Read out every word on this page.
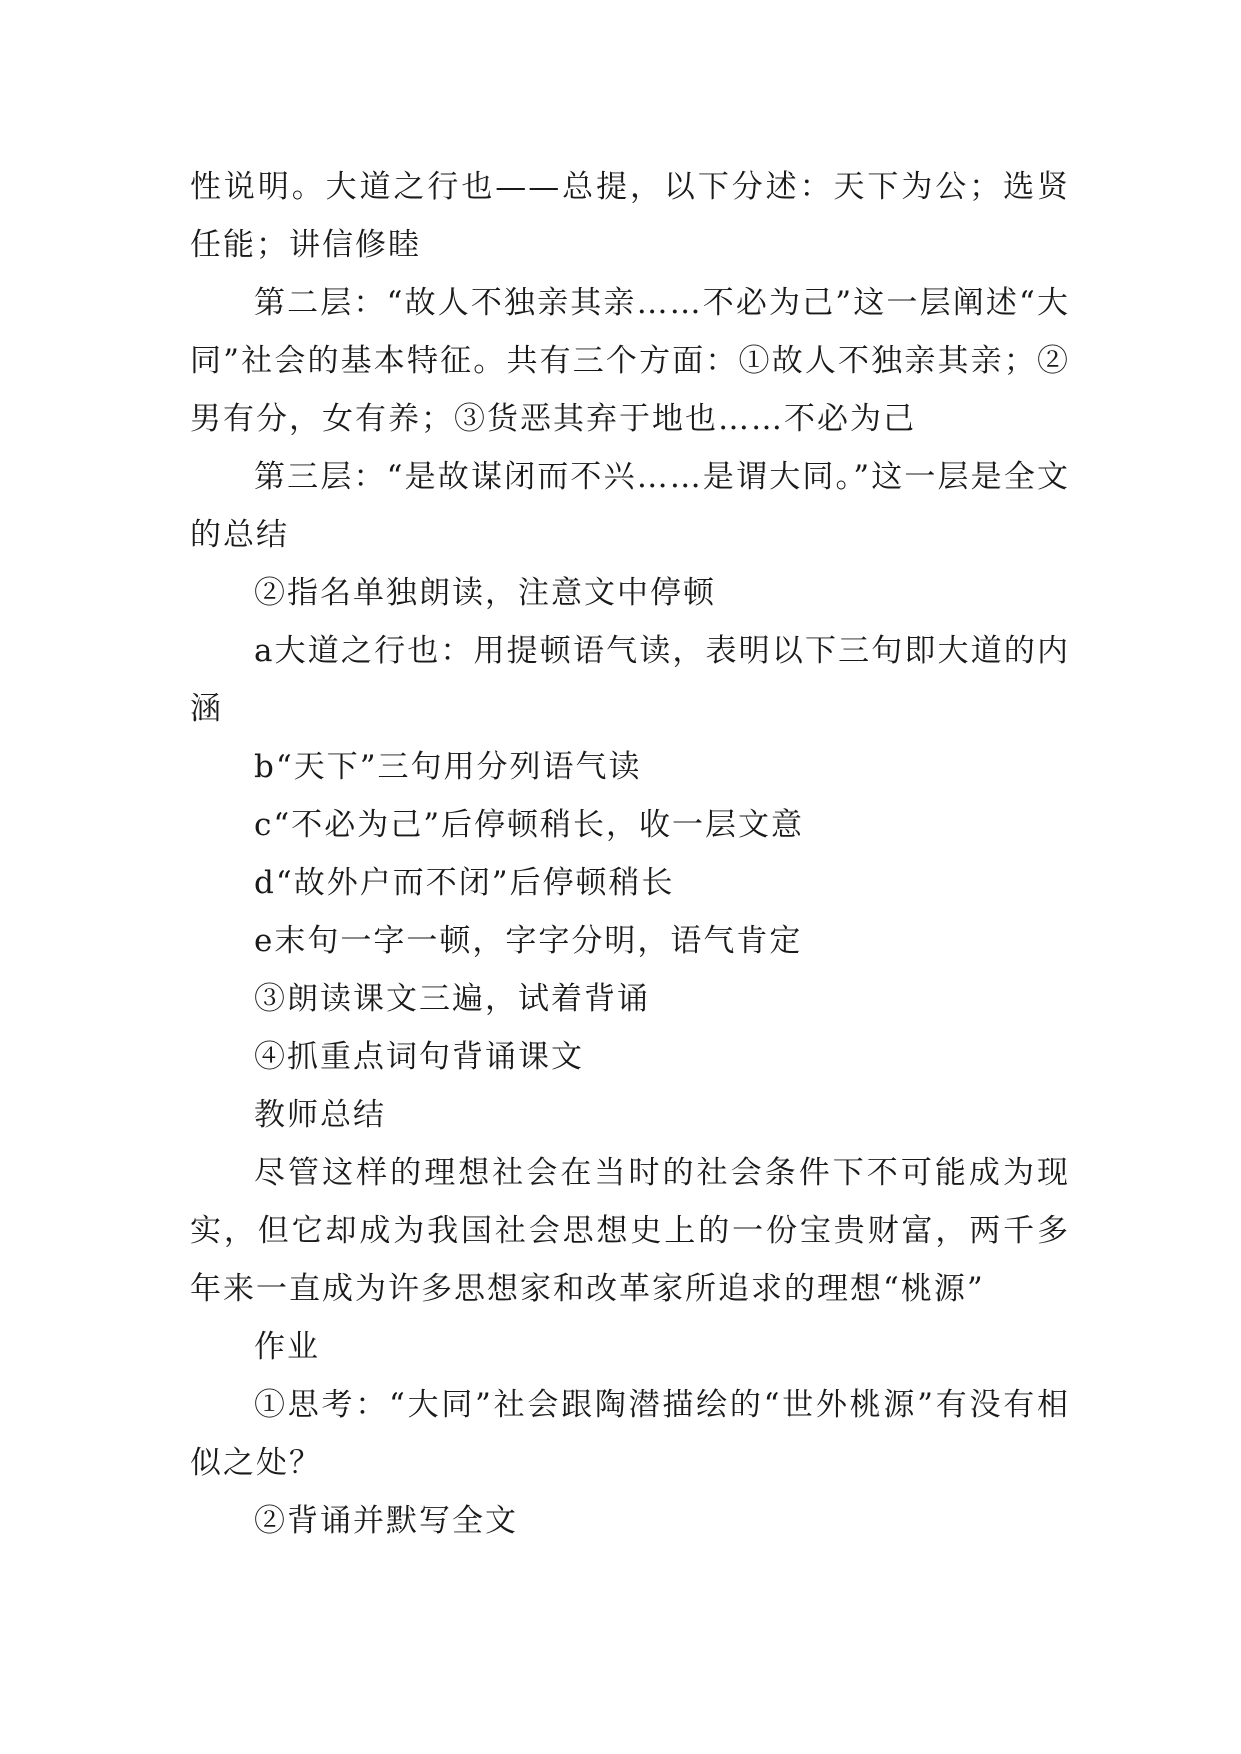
性说明。大道之行也——总提，以下分述：天下为公；选贤任能；讲信修睦

第二层：“故人不独亲其亲……不必为己”这一层阐述“大同”社会的基本特征。共有三个方面：①故人不独亲其亲；②男有分，女有养；③货恶其弃于地也……不必为己

第三层：“是故谋闭而不兴……是谓大同。”这一层是全文的总结

②指名单独朗读，注意文中停顿

a大道之行也：用提顿语气读，表明以下三句即大道的内涵

b“天下”三句用分列语气读

c“不必为己”后停顿稍长，收一层文意

d“故外户而不闭”后停顿稍长

e末句一字一顿，字字分明，语气肯定

③朗读课文三遍，试着背诵

④抓重点词句背诵课文

教师总结

尽管这样的理想社会在当时的社会条件下不可能成为现实，但它却成为我国社会思想史上的一份宝贵财富，两千多年来一直成为许多思想家和改革家所追求的理想“桃源”

作业

①思考：“大同”社会跟陶潜描绘的“世外桃源”有没有相似之处？

②背诵并默写全文
